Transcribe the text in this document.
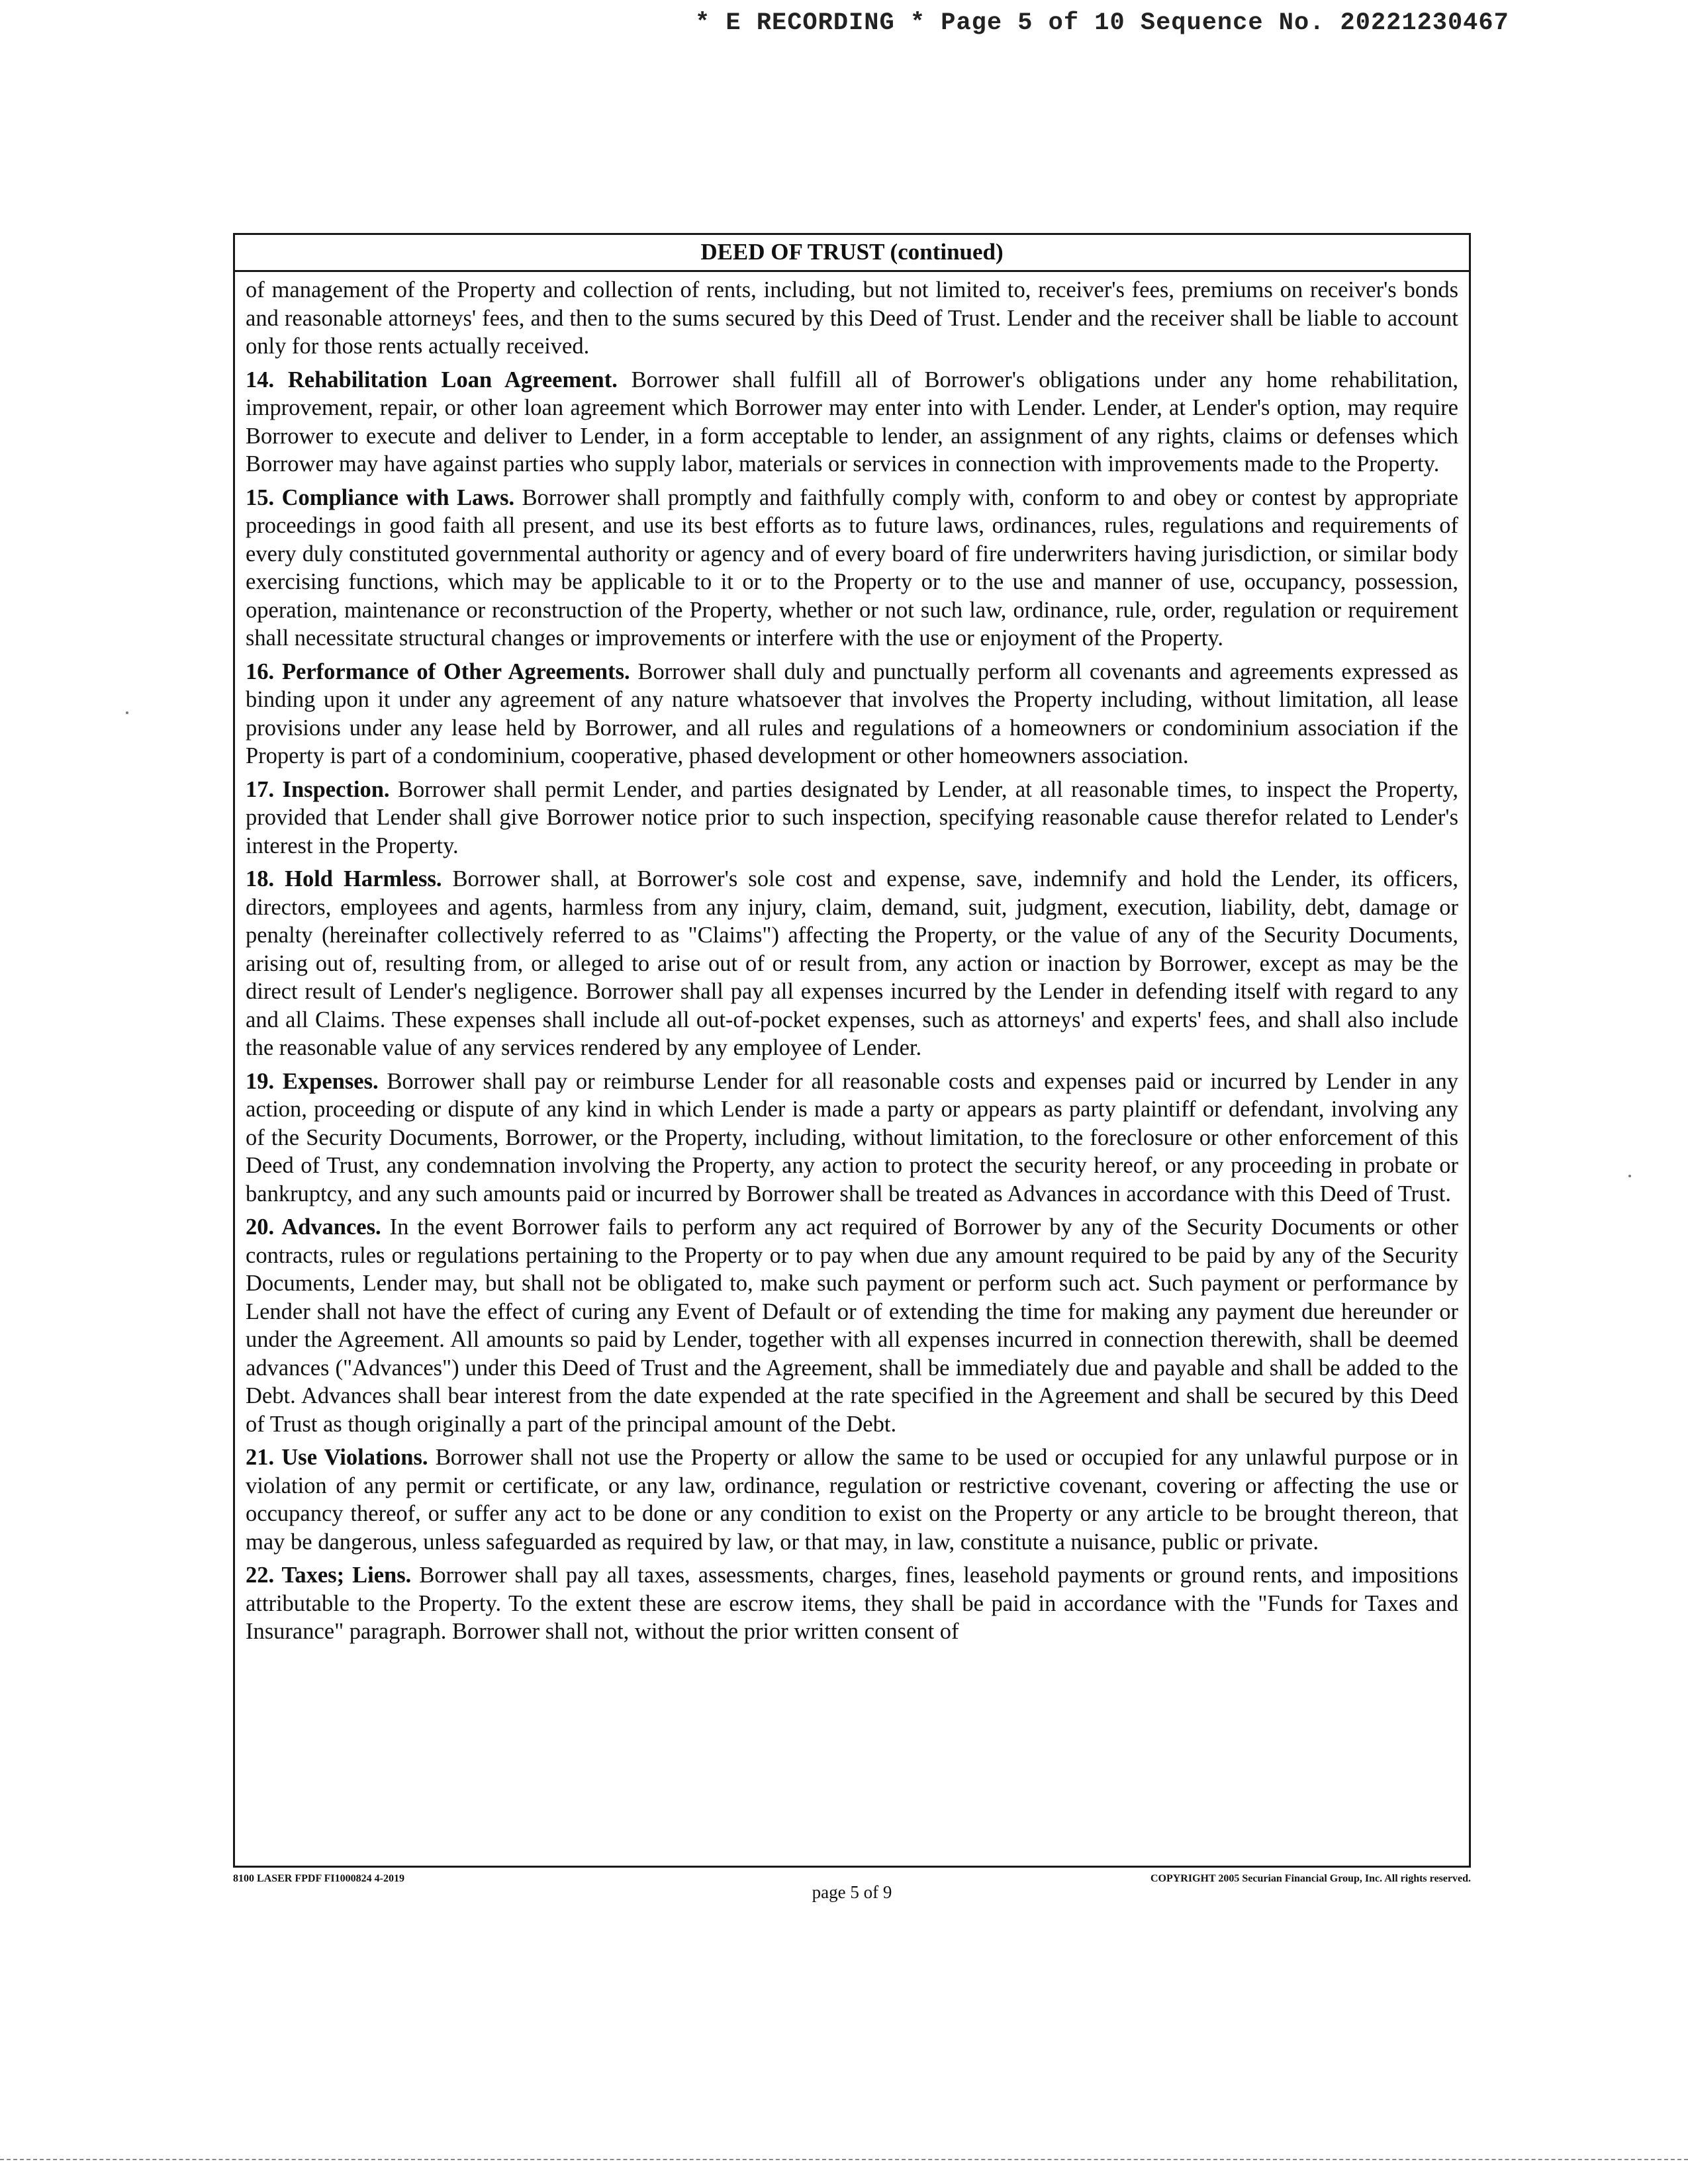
* E RECORDING * Page 5 of 10 Sequence No. 20221230467
DEED OF TRUST (continued)

of management of the Property and collection of rents, including, but not limited to, receiver's fees, premiums on receiver's bonds and reasonable attorneys' fees, and then to the sums secured by this Deed of Trust. Lender and the receiver shall be liable to account only for those rents actually received.

14. Rehabilitation Loan Agreement. Borrower shall fulfill all of Borrower's obligations under any home rehabilitation, improvement, repair, or other loan agreement which Borrower may enter into with Lender. Lender, at Lender's option, may require Borrower to execute and deliver to Lender, in a form acceptable to lender, an assignment of any rights, claims or defenses which Borrower may have against parties who supply labor, materials or services in connection with improvements made to the Property.

15. Compliance with Laws. Borrower shall promptly and faithfully comply with, conform to and obey or contest by appropriate proceedings in good faith all present, and use its best efforts as to future laws, ordinances, rules, regulations and requirements of every duly constituted governmental authority or agency and of every board of fire underwriters having jurisdiction, or similar body exercising functions, which may be applicable to it or to the Property or to the use and manner of use, occupancy, possession, operation, maintenance or reconstruction of the Property, whether or not such law, ordinance, rule, order, regulation or requirement shall necessitate structural changes or improvements or interfere with the use or enjoyment of the Property.

16. Performance of Other Agreements. Borrower shall duly and punctually perform all covenants and agreements expressed as binding upon it under any agreement of any nature whatsoever that involves the Property including, without limitation, all lease provisions under any lease held by Borrower, and all rules and regulations of a homeowners or condominium association if the Property is part of a condominium, cooperative, phased development or other homeowners association.

17. Inspection. Borrower shall permit Lender, and parties designated by Lender, at all reasonable times, to inspect the Property, provided that Lender shall give Borrower notice prior to such inspection, specifying reasonable cause therefor related to Lender's interest in the Property.

18. Hold Harmless. Borrower shall, at Borrower's sole cost and expense, save, indemnify and hold the Lender, its officers, directors, employees and agents, harmless from any injury, claim, demand, suit, judgment, execution, liability, debt, damage or penalty (hereinafter collectively referred to as "Claims") affecting the Property, or the value of any of the Security Documents, arising out of, resulting from, or alleged to arise out of or result from, any action or inaction by Borrower, except as may be the direct result of Lender's negligence. Borrower shall pay all expenses incurred by the Lender in defending itself with regard to any and all Claims. These expenses shall include all out-of-pocket expenses, such as attorneys' and experts' fees, and shall also include the reasonable value of any services rendered by any employee of Lender.

19. Expenses. Borrower shall pay or reimburse Lender for all reasonable costs and expenses paid or incurred by Lender in any action, proceeding or dispute of any kind in which Lender is made a party or appears as party plaintiff or defendant, involving any of the Security Documents, Borrower, or the Property, including, without limitation, to the foreclosure or other enforcement of this Deed of Trust, any condemnation involving the Property, any action to protect the security hereof, or any proceeding in probate or bankruptcy, and any such amounts paid or incurred by Borrower shall be treated as Advances in accordance with this Deed of Trust.

20. Advances. In the event Borrower fails to perform any act required of Borrower by any of the Security Documents or other contracts, rules or regulations pertaining to the Property or to pay when due any amount required to be paid by any of the Security Documents, Lender may, but shall not be obligated to, make such payment or perform such act. Such payment or performance by Lender shall not have the effect of curing any Event of Default or of extending the time for making any payment due hereunder or under the Agreement. All amounts so paid by Lender, together with all expenses incurred in connection therewith, shall be deemed advances ("Advances") under this Deed of Trust and the Agreement, shall be immediately due and payable and shall be added to the Debt. Advances shall bear interest from the date expended at the rate specified in the Agreement and shall be secured by this Deed of Trust as though originally a part of the principal amount of the Debt.

21. Use Violations. Borrower shall not use the Property or allow the same to be used or occupied for any unlawful purpose or in violation of any permit or certificate, or any law, ordinance, regulation or restrictive covenant, covering or affecting the use or occupancy thereof, or suffer any act to be done or any condition to exist on the Property or any article to be brought thereon, that may be dangerous, unless safeguarded as required by law, or that may, in law, constitute a nuisance, public or private.

22. Taxes; Liens. Borrower shall pay all taxes, assessments, charges, fines, leasehold payments or ground rents, and impositions attributable to the Property. To the extent these are escrow items, they shall be paid in accordance with the "Funds for Taxes and Insurance" paragraph. Borrower shall not, without the prior written consent of

8100 LASER FPDF FI1000824 4-2019
page 5 of 9
COPYRIGHT 2005 Securian Financial Group, Inc. All rights reserved.
